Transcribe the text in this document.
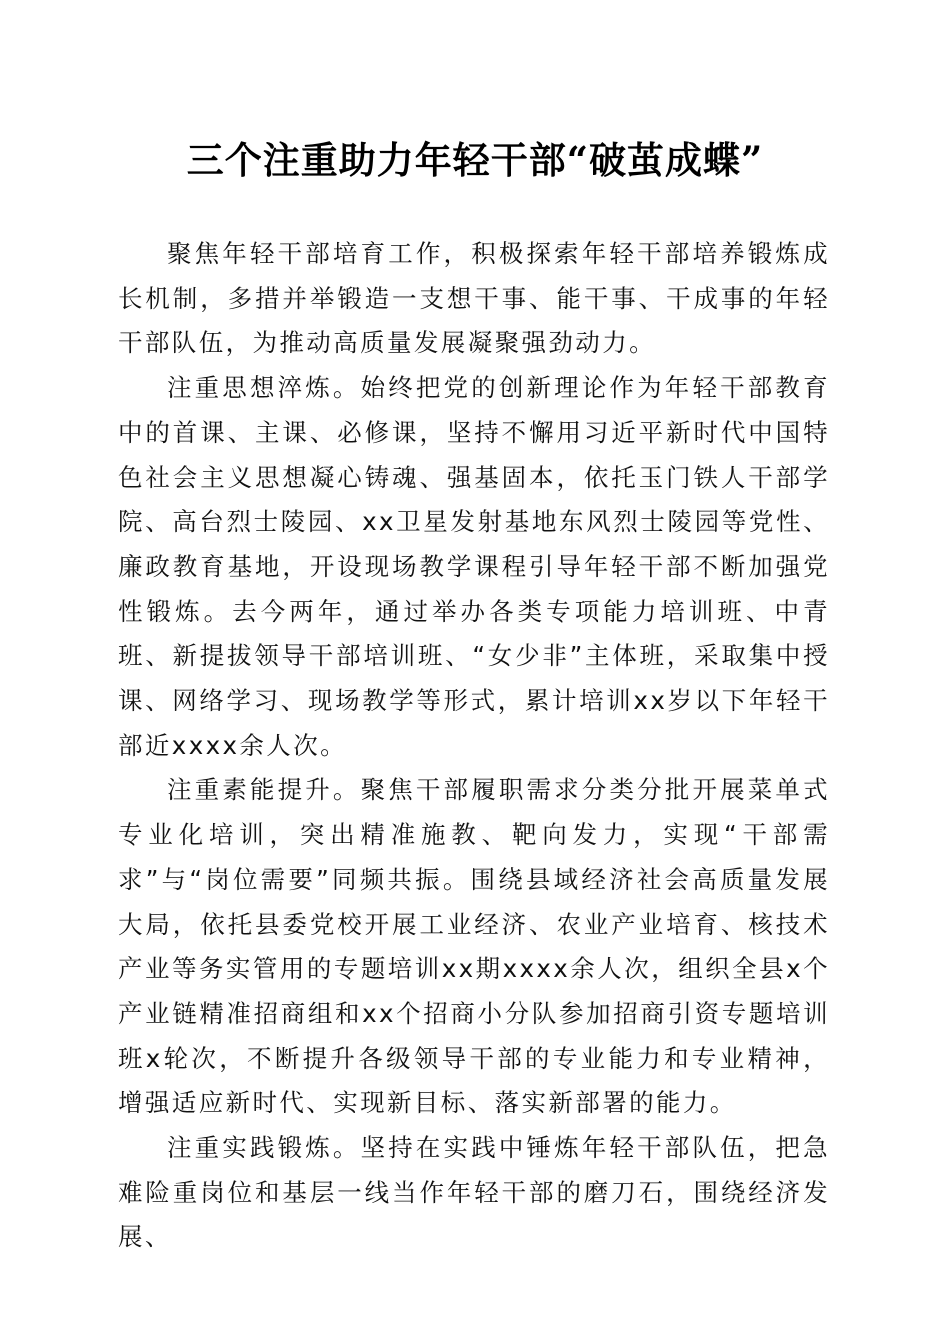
三个注重助力年轻干部“破茧成蝶”

聚焦年轻干部培育工作，积极探索年轻干部培养锻炼成长机制，多措并举锻造一支想干事、能干事、干成事的年轻干部队伍，为推动高质量发展凝聚强劲动力。

注重思想淬炼。始终把党的创新理论作为年轻干部教育中的首课、主课、必修课，坚持不懈用习近平新时代中国特色社会主义思想凝心铸魂、强基固本，依托玉门铁人干部学院、高台烈士陵园、xx卫星发射基地东风烈士陵园等党性、廉政教育基地，开设现场教学课程引导年轻干部不断加强党性锻炼。去今两年，通过举办各类专项能力培训班、中青班、新提拔领导干部培训班、“女少非”主体班，采取集中授课、网络学习、现场教学等形式，累计培训xx岁以下年轻干部近xxxx余人次。

注重素能提升。聚焦干部履职需求分类分批开展菜单式专业化培训，突出精准施教、靶向发力，实现“干部需求”与“岗位需要”同频共振。围绕县域经济社会高质量发展大局，依托县委党校开展工业经济、农业产业培育、核技术产业等务实管用的专题培训xx期xxxx余人次，组织全县x个产业链精准招商组和xx个招商小分队参加招商引资专题培训班x轮次，不断提升各级领导干部的专业能力和专业精神，增强适应新时代、实现新目标、落实新部署的能力。

注重实践锻炼。坚持在实践中锤炼年轻干部队伍，把急难险重岗位和基层一线当作年轻干部的磨刀石，围绕经济发展、
